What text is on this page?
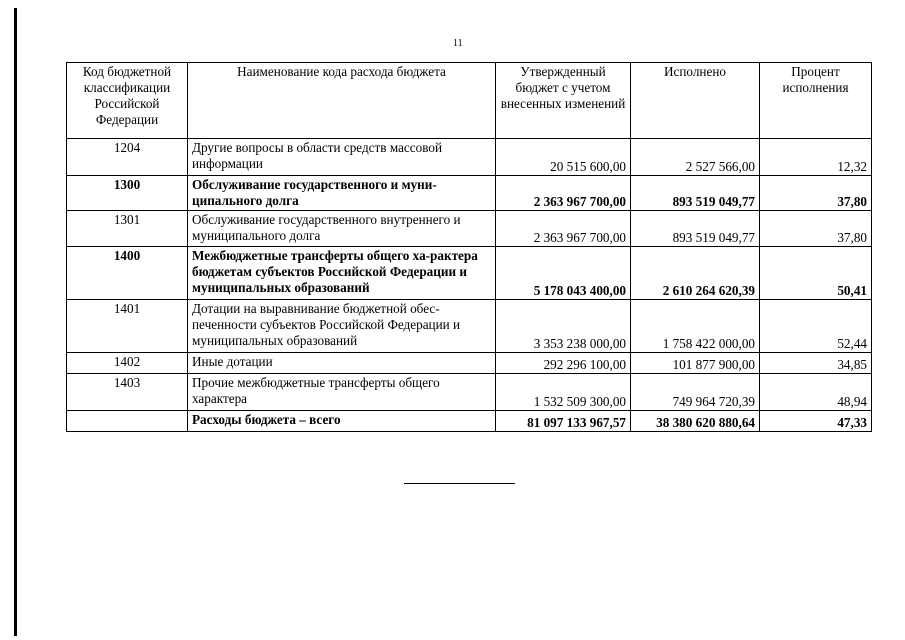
11
Код бюджетной классификации Российской Федерации	Наименование кода расхода бюджета	Утвержденный бюджет с учетом внесенных изменений	Исполнено	Процент исполнения
1204	Другие вопросы в области средств массовой информации	20 515 600,00	2 527 566,00	12,32
1300	Обслуживание государственного и муни-ципального долга	2 363 967 700,00	893 519 049,77	37,80
1301	Обслуживание государственного внутреннего и муниципального долга	2 363 967 700,00	893 519 049,77	37,80
1400	Межбюджетные трансферты общего ха-рактера бюджетам субъектов Российской Федерации и муниципальных образований	5 178 043 400,00	2 610 264 620,39	50,41
1401	Дотации на выравнивание бюджетной обес-печенности субъектов Российской Федерации и муниципальных образований	3 353 238 000,00	1 758 422 000,00	52,44
1402	Иные дотации	292 296 100,00	101 877 900,00	34,85
1403	Прочие межбюджетные трансферты общего характера	1 532 509 300,00	749 964 720,39	48,94
	Расходы бюджета – всего	81 097 133 967,57	38 380 620 880,64	47,33
